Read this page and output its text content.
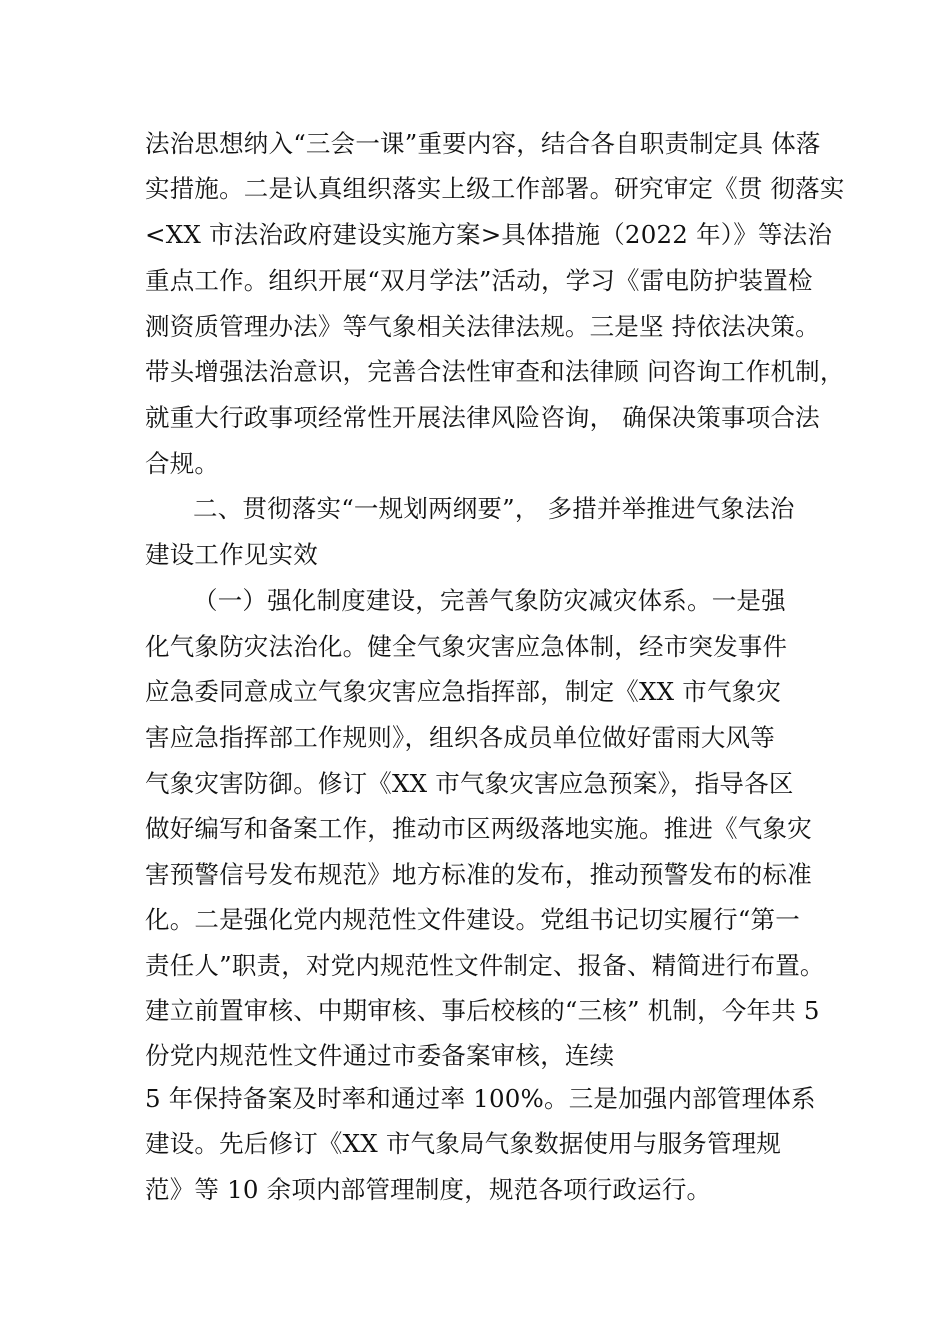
法治思想纳入“三会一课”重要内容，结合各自职责制定具 体落
实措施。二是认真组织落实上级工作部署。研究审定《贯 彻落实
<XX 市法治政府建设实施方案>具体措施（2022 年）》等法治
重点工作。组织开展“双月学法”活动，学习《雷电防护装置检
测资质管理办法》等气象相关法律法规。三是坚 持依法决策。
带头增强法治意识，完善合法性审查和法律顾 问咨询工作机制，
就重大行政事项经常性开展法律风险咨询， 确保决策事项合法
合规。
二、贯彻落实“一规划两纲要”， 多措并举推进气象法治
建设工作见实效
（一）强化制度建设，完善气象防灾减灾体系。一是强
化气象防灾法治化。健全气象灾害应急体制，经市突发事件
应急委同意成立气象灾害应急指挥部，制定《XX 市气象灾
害应急指挥部工作规则》，组织各成员单位做好雷雨大风等
气象灾害防御。修订《XX 市气象灾害应急预案》，指导各区
做好编写和备案工作，推动市区两级落地实施。推进《气象灾
害预警信号发布规范》地方标准的发布，推动预警发布的标准
化。二是强化党内规范性文件建设。党组书记切实履行“第一
责任人”职责，对党内规范性文件制定、报备、精简进行布置。
建立前置审核、中期审核、事后校核的“三核” 机制，今年共 5
份党内规范性文件通过市委备案审核，连续
5 年保持备案及时率和通过率 100%。三是加强内部管理体系
建设。先后修订《XX 市气象局气象数据使用与服务管理规
范》等 10 余项内部管理制度，规范各项行政运行。
